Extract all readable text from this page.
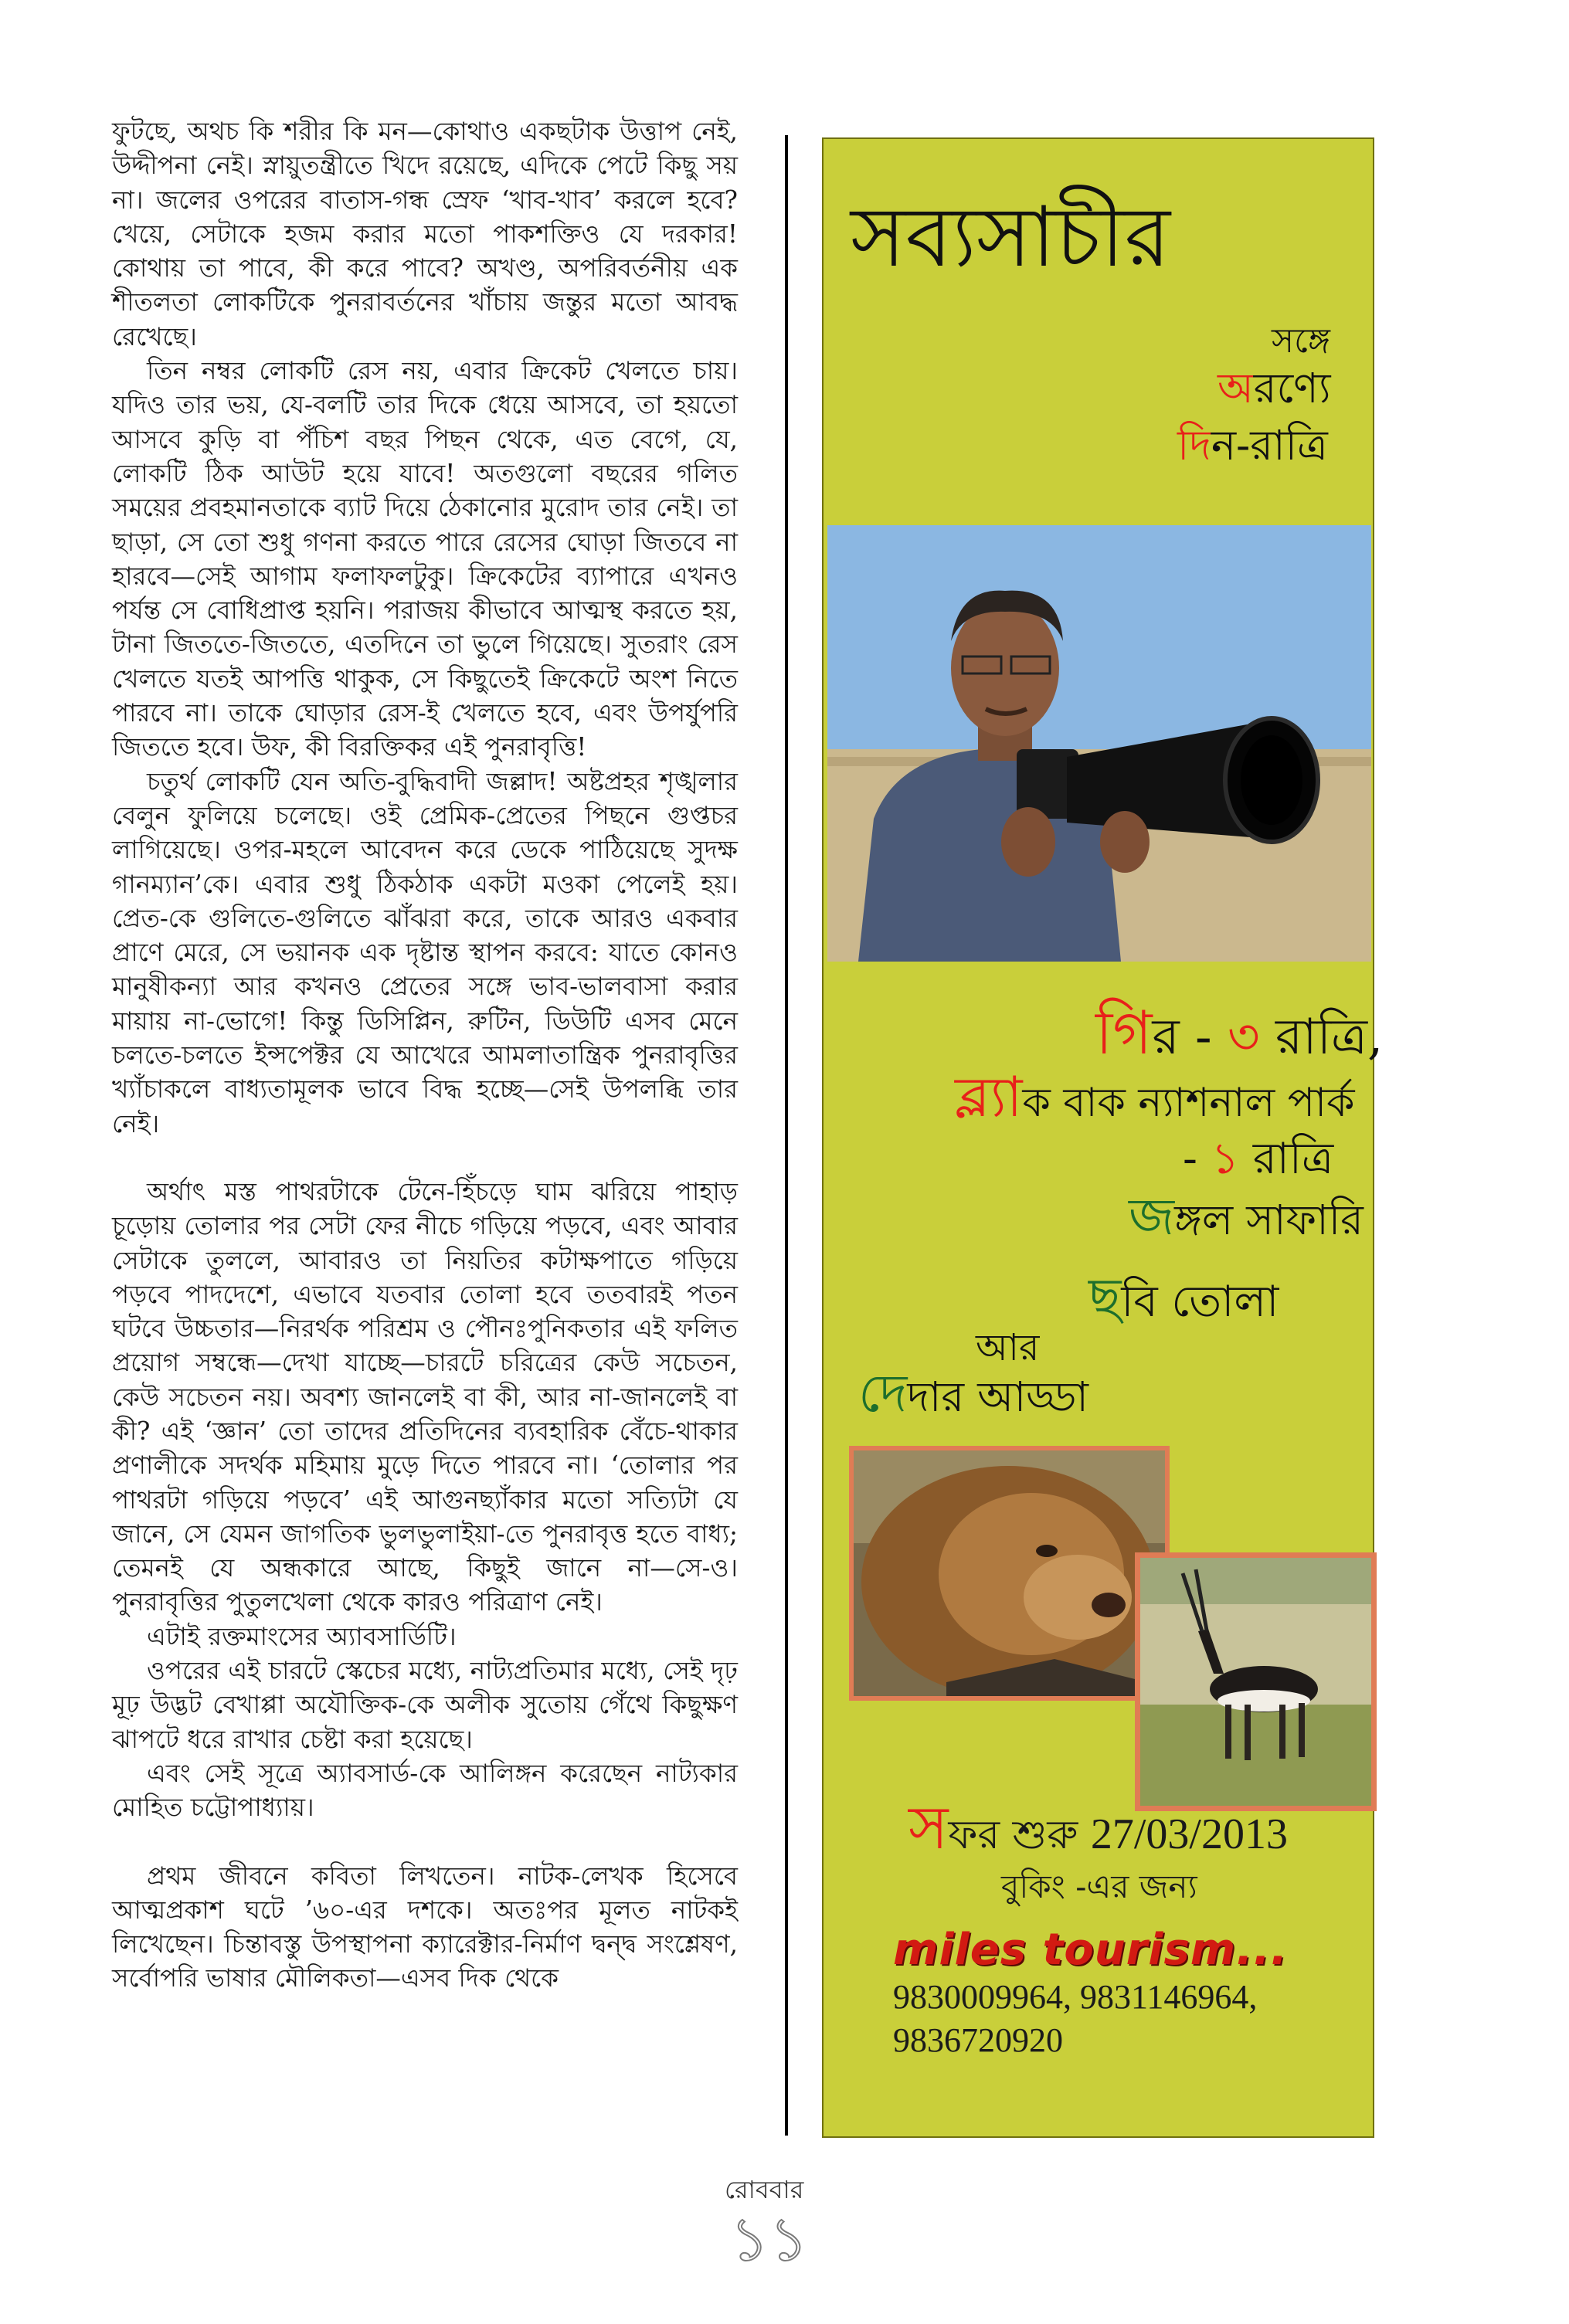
ফুটছে, অথচ কি শরীর কি মন—কোথাও একছটাক উত্তাপ নেই, উদ্দীপনা নেই। স্নায়ুতন্ত্রীতে খিদে রয়েছে, এদিকে পেটে কিছু সয় না। জলের ওপরের বাতাস-গন্ধ স্রেফ ‘খাব-খাব’ করলে হবে? খেয়ে, সেটাকে হজম করার মতো পাকশক্তিও যে দরকার! কোথায় তা পাবে, কী করে পাবে? অখণ্ড, অপরিবর্তনীয় এক শীতলতা লোকটিকে পুনরাবর্তনের খাঁচায় জন্তুর মতো আবদ্ধ রেখেছে।

তিন নম্বর লোকটি রেস নয়, এবার ক্রিকেট খেলতে চায়। যদিও তার ভয়, যে-বলটি তার দিকে ধেয়ে আসবে, তা হয়তো আসবে কুড়ি বা পঁচিশ বছর পিছন থেকে, এত বেগে, যে, লোকটি ঠিক আউট হয়ে যাবে! অতগুলো বছরের গলিত সময়ের প্রবহমানতাকে ব্যাট দিয়ে ঠেকানোর মুরোদ তার নেই। তা ছাড়া, সে তো শুধু গণনা করতে পারে রেসের ঘোড়া জিতবে না হারবে—সেই আগাম ফলাফলটুকু। ক্রিকেটের ব্যাপারে এখনও পর্যন্ত সে বোধিপ্রাপ্ত হয়নি। পরাজয় কীভাবে আত্মস্থ করতে হয়, টানা জিততে-জিততে, এতদিনে তা ভুলে গিয়েছে। সুতরাং রেস খেলতে যতই আপত্তি থাকুক, সে কিছুতেই ক্রিকেটে অংশ নিতে পারবে না। তাকে ঘোড়ার রেস-ই খেলতে হবে, এবং উপর্যুপরি জিততে হবে। উফ, কী বিরক্তিকর এই পুনরাবৃত্তি!

চতুর্থ লোকটি যেন অতি-বুদ্ধিবাদী জল্লাদ! অষ্টপ্রহর শৃঙ্খলার বেলুন ফুলিয়ে চলেছে। ওই প্রেমিক-প্রেতের পিছনে গুপ্তচর লাগিয়েছে। ওপর-মহলে আবেদন করে ডেকে পাঠিয়েছে সুদক্ষ গানম্যান’কে। এবার শুধু ঠিকঠাক একটা মওকা পেলেই হয়। প্রেত-কে গুলিতে-গুলিতে ঝাঁঝরা করে, তাকে আরও একবার প্রাণে মেরে, সে ভয়ানক এক দৃষ্টান্ত স্থাপন করবে: যাতে কোনও মানুষীকন্যা আর কখনও প্রেতের সঙ্গে ভাব-ভালবাসা করার মায়ায় না-ভোগে! কিন্তু ডিসিপ্লিন, রুটিন, ডিউটি এসব মেনে চলতে-চলতে ইন্সপেক্টর যে আখেরে আমলাতান্ত্রিক পুনরাবৃত্তির খ্যাঁচাকলে বাধ্যতামূলক ভাবে বিদ্ধ হচ্ছে—সেই উপলব্ধি তার নেই।

অর্থাৎ মস্ত পাথরটাকে টেনে-হিঁচড়ে ঘাম ঝরিয়ে পাহাড় চূড়োয় তোলার পর সেটা ফের নীচে গড়িয়ে পড়বে, এবং আবার সেটাকে তুললে, আবারও তা নিয়তির কটাক্ষপাতে গড়িয়ে পড়বে পাদদেশে, এভাবে যতবার তোলা হবে ততবারই পতন ঘটবে উচ্চতার—নিরর্থক পরিশ্রম ও পৌনঃপুনিকতার এই ফলিত প্রয়োগ সম্বন্ধে—দেখা যাচ্ছে—চারটে চরিত্রের কেউ সচেতন, কেউ সচেতন নয়। অবশ্য জানলেই বা কী, আর না-জানলেই বা কী? এই ‘জ্ঞান’ তো তাদের প্রতিদিনের ব্যবহারিক বেঁচে-থাকার প্রণালীকে সদর্থক মহিমায় মুড়ে দিতে পারবে না। ‘তোলার পর পাথরটা গড়িয়ে পড়বে’ এই আগুনছ্যাঁকার মতো সত্যিটা যে জানে, সে যেমন জাগতিক ভুলভুলাইয়া-তে পুনরাবৃত্ত হতে বাধ্য; তেমনই যে অন্ধকারে আছে, কিছুই জানে না—সে-ও। পুনরাবৃত্তির পুতুলখেলা থেকে কারও পরিত্রাণ নেই।

এটাই রক্তমাংসের অ্যাবসার্ডিটি।

ওপরের এই চারটে স্কেচের মধ্যে, নাট্যপ্রতিমার মধ্যে, সেই দৃঢ় মূঢ় উদ্ভট বেখাপ্পা অযৌক্তিক-কে অলীক সুতোয় গেঁথে কিছুক্ষণ ঝাপটে ধরে রাখার চেষ্টা করা হয়েছে।

এবং সেই সূত্রে অ্যাবসার্ড-কে আলিঙ্গন করেছেন নাট্যকার মোহিত চট্টোপাধ্যায়।

প্রথম জীবনে কবিতা লিখতেন। নাটক-লেখক হিসেবে আত্মপ্রকাশ ঘটে ’৬০-এর দশকে। অতঃপর মূলত নাটকই লিখেছেন। চিন্তাবস্তু উপস্থাপনা ক্যারেক্টার-নির্মাণ দ্বন্দ্ব সংশ্লেষণ, সর্বোপরি ভাষার মৌলিকতা—এসব দিক থেকে

সব্যসাচীর
সঙ্গে
অরণ্যে
দিন-রাত্রি
গির - ৩ রাত্রি,
ব্ল্যাক বাক ন্যাশনাল পার্ক
- ১ রাত্রি
জঙ্গল সাফারি
ছবি তোলা
আর
দেদার আড্ডা
সফর শুরু 27/03/2013
বুকিং -এর জন্য
miles tourism...
9830009964, 9831146964,
9836720920
রোববার
১১
